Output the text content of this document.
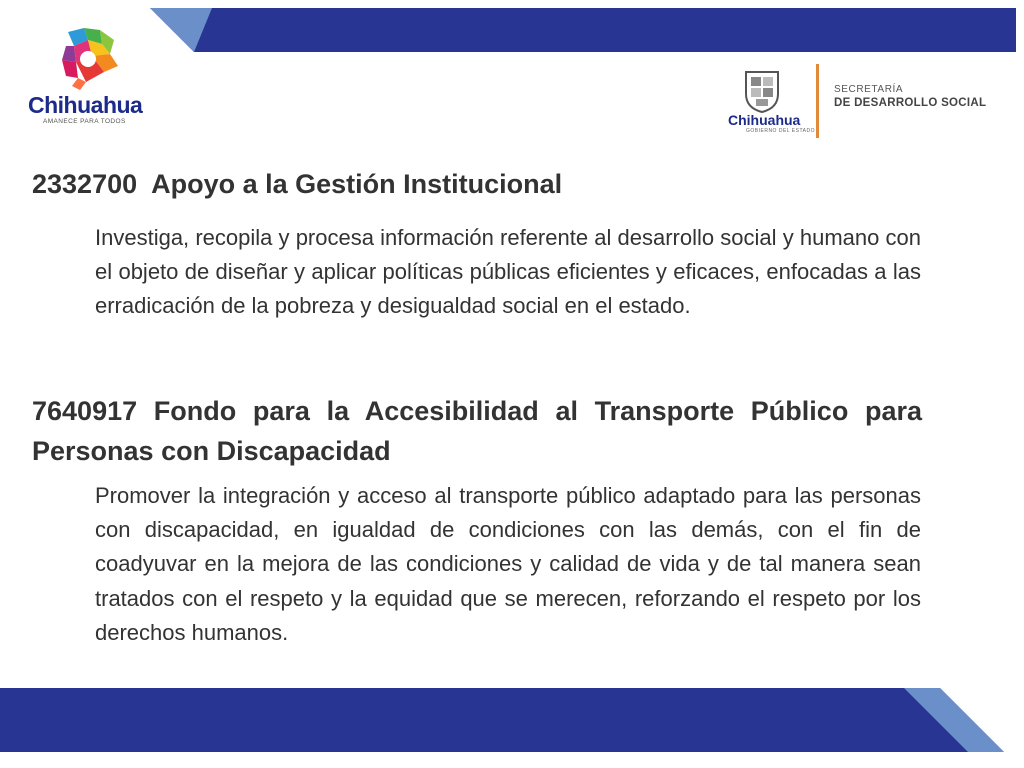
Chihuahua
AMANECE PARA TODOS	Chihuahua
GOBIERNO DEL ESTADO
SECRETARÍA
DE DESARROLLO SOCIAL
2332700  Apoyo a la Gestión Institucional

Investiga, recopila y procesa información referente al desarrollo social y humano con el objeto de diseñar y aplicar políticas públicas eficientes y eficaces, enfocadas a las erradicación de la pobreza y desigualdad social en el estado.

7640917 Fondo para la Accesibilidad al Transporte Público para Personas con Discapacidad

Promover la integración y acceso al transporte público adaptado para las personas con discapacidad, en igualdad de condiciones con las demás, con el fin de coadyuvar en la mejora de las condiciones y calidad de vida y de tal manera sean tratados con el respeto y la equidad que se merecen, reforzando el respeto por los derechos humanos.
